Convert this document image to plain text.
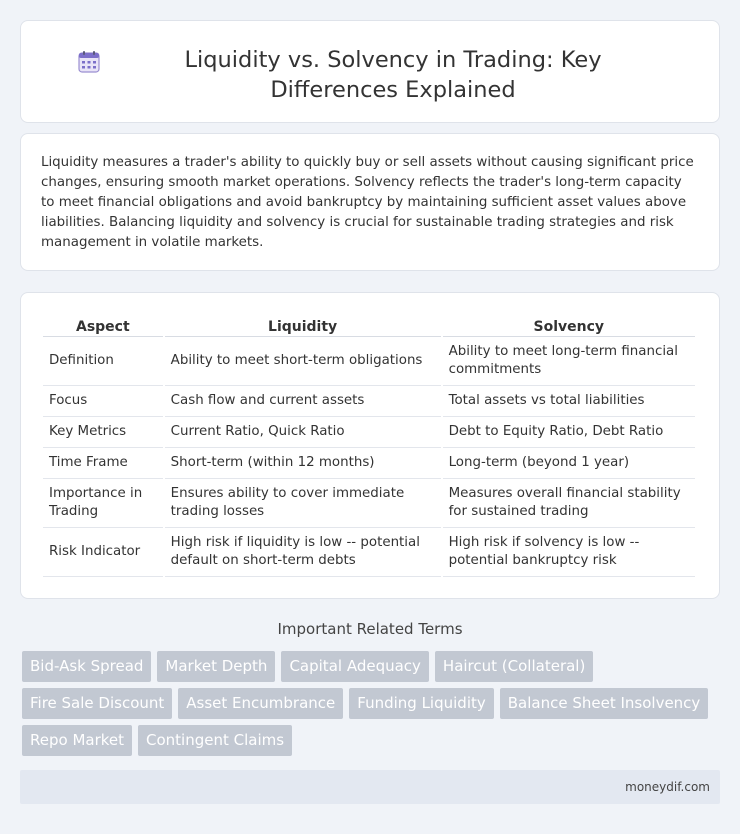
Liquidity vs. Solvency in Trading: Key Differences Explained

Liquidity measures a trader's ability to quickly buy or sell assets without causing significant price changes, ensuring smooth market operations. Solvency reflects the trader's long-term capacity to meet financial obligations and avoid bankruptcy by maintaining sufficient asset values above liabilities. Balancing liquidity and solvency is crucial for sustainable trading strategies and risk management in volatile markets.

Aspect	Liquidity	Solvency
Definition	Ability to meet short-term obligations	Ability to meet long-term financial commitments
Focus	Cash flow and current assets	Total assets vs total liabilities
Key Metrics	Current Ratio, Quick Ratio	Debt to Equity Ratio, Debt Ratio
Time Frame	Short-term (within 12 months)	Long-term (beyond 1 year)
Importance in Trading	Ensures ability to cover immediate trading losses	Measures overall financial stability for sustained trading
Risk Indicator	High risk if liquidity is low -- potential default on short-term debts	High risk if solvency is low -- potential bankruptcy risk
Important Related Terms
Bid-Ask Spread	Market Depth	Capital Adequacy	Haircut (Collateral)
Fire Sale Discount	Asset Encumbrance	Funding Liquidity	Balance Sheet Insolvency
Repo Market	Contingent Claims
moneydif.com
